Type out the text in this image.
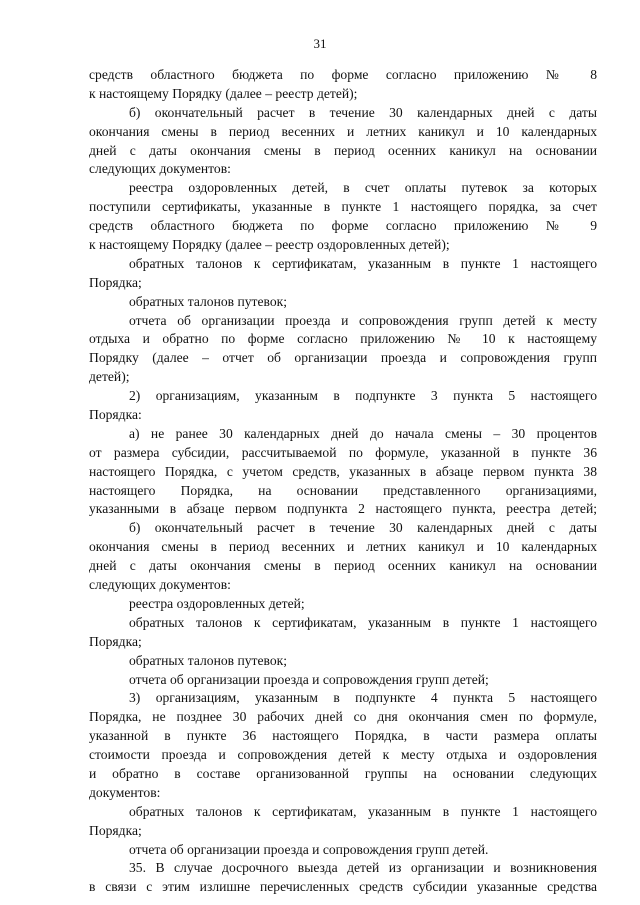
31
средств областного бюджета по форме согласно приложению № 8
к настоящему Порядку (далее – реестр детей);
б) окончательный расчет в течение 30 календарных дней с даты
окончания смены в период весенних и летних каникул и 10 календарных
дней с даты окончания смены в период осенних каникул на основании
следующих документов:
реестра оздоровленных детей, в счет оплаты путевок за которых
поступили сертификаты, указанные в пункте 1 настоящего порядка, за счет
средств областного бюджета по форме согласно приложению № 9
к настоящему Порядку (далее – реестр оздоровленных детей);
обратных талонов к сертификатам, указанным в пункте 1 настоящего
Порядка;
обратных талонов путевок;
отчета об организации проезда и сопровождения групп детей к месту
отдыха и обратно по форме согласно приложению № 10 к настоящему
Порядку (далее – отчет об организации проезда и сопровождения групп
детей);
2) организациям, указанным в подпункте 3 пункта 5 настоящего
Порядка:
а) не ранее 30 календарных дней до начала смены – 30 процентов
от размера субсидии, рассчитываемой по формуле, указанной в пункте 36
настоящего Порядка, с учетом средств, указанных в абзаце первом пункта 38
настоящего Порядка, на основании представленного организациями,
указанными в абзаце первом подпункта 2 настоящего пункта, реестра детей;
б) окончательный расчет в течение 30 календарных дней с даты
окончания смены в период весенних и летних каникул и 10 календарных
дней с даты окончания смены в период осенних каникул на основании
следующих документов:
реестра оздоровленных детей;
обратных талонов к сертификатам, указанным в пункте 1 настоящего
Порядка;
обратных талонов путевок;
отчета об организации проезда и сопровождения групп детей;
3) организациям, указанным в подпункте 4 пункта 5 настоящего
Порядка, не позднее 30 рабочих дней со дня окончания смен по формуле,
указанной в пункте 36 настоящего Порядка, в части размера оплаты
стоимости проезда и сопровождения детей к месту отдыха и оздоровления
и обратно в составе организованной группы на основании следующих
документов:
обратных талонов к сертификатам, указанным в пункте 1 настоящего
Порядка;
отчета об организации проезда и сопровождения групп детей.
35. В случае досрочного выезда детей из организации и возникновения
в связи с этим излишне перечисленных средств субсидии указанные средства
